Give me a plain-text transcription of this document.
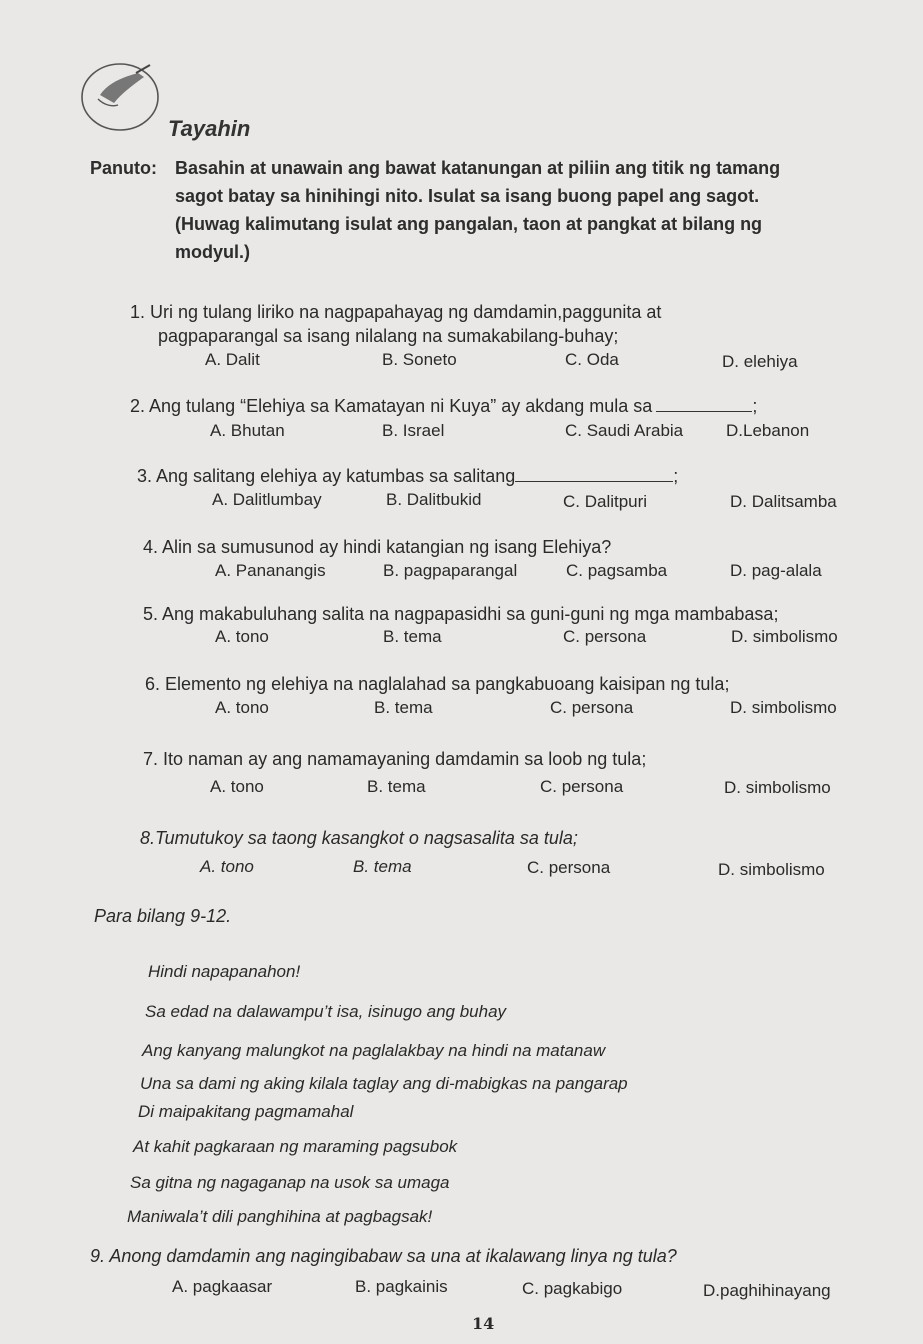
Tayahin
Panuto: Basahin at unawain ang bawat katanungan at piliin ang titik ng tamang
sagot batay sa hinihingi nito. Isulat sa isang buong papel ang sagot.
(Huwag kalimutang isulat ang pangalan, taon at pangkat at bilang ng
modyul.)
1. Uri ng tulang liriko na nagpapahayag ng damdamin,paggunita at
pagpaparangal sa isang nilalang na sumakabilang-buhay;
A. Dalit	B. Soneto	C. Oda	D. elehiya
2. Ang tulang “Elehiya sa Kamatayan ni Kuya” ay akdang mula sa	;
A. Bhutan	B. Israel	C. Saudi Arabia	D.Lebanon
3. Ang salitang elehiya ay katumbas sa salitang	;
A. Dalitlumbay	B. Dalitbukid	C. Dalitpuri	D. Dalitsamba
4. Alin sa sumusunod ay hindi katangian ng isang Elehiya?
A. Pananangis	B. pagpaparangal	C. pagsamba	D. pag-alala
5. Ang makabuluhang salita na nagpapasidhi sa guni-guni ng mga mambabasa;
A. tono	B. tema	C. persona	D. simbolismo
6. Elemento ng elehiya na naglalahad sa pangkabuoang kaisipan ng tula;
A. tono	B. tema	C. persona	D. simbolismo
7. Ito naman ay ang namamayaning damdamin sa loob ng tula;
A. tono	B. tema	C. persona	D. simbolismo
8.Tumutukoy sa taong kasangkot o nagsasalita sa tula;
A. tono	B. tema	C. persona	D. simbolismo
Para bilang 9-12.
Hindi napapanahon!
Sa edad na dalawampu’t isa, isinugo ang buhay
Ang kanyang malungkot na paglalakbay na hindi na matanaw
Una sa dami ng aking kilala taglay ang di-mabigkas na pangarap
Di maipakitang pagmamahal
At kahit pagkaraan ng maraming pagsubok
Sa gitna ng nagaganap na usok sa umaga
Maniwala’t dili panghihina at pagbagsak!
9. Anong damdamin ang nagingibabaw sa una at ikalawang linya ng tula?
A. pagkaasar	B. pagkainis	C. pagkabigo	D.paghihinayang
14
